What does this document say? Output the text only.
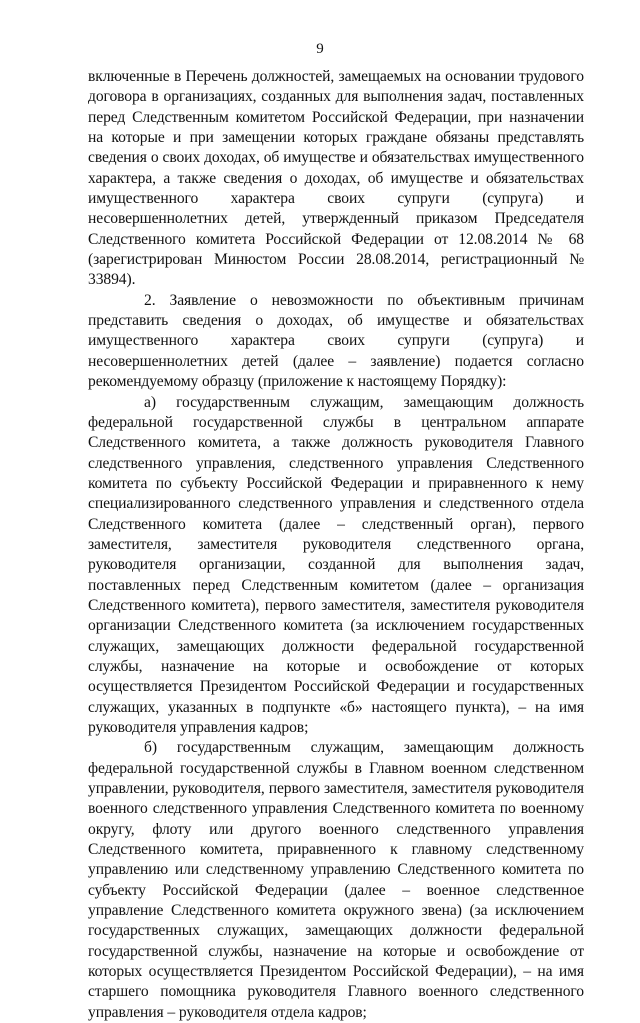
9

включенные в Перечень должностей, замещаемых на основании трудового договора в организациях, созданных для выполнения задач, поставленных перед Следственным комитетом Российской Федерации, при назначении на которые и при замещении которых граждане обязаны представлять сведения о своих доходах, об имуществе и обязательствах имущественного характера, а также сведения о доходах, об имуществе и обязательствах имущественного характера своих супруги (супруга) и несовершеннолетних детей, утвержденный приказом Председателя Следственного комитета Российской Федерации от 12.08.2014 № 68 (зарегистрирован Минюстом России 28.08.2014, регистрационный № 33894).

2. Заявление о невозможности по объективным причинам представить сведения о доходах, об имуществе и обязательствах имущественного характера своих супруги (супруга) и несовершеннолетних детей (далее – заявление) подается согласно рекомендуемому образцу (приложение к настоящему Порядку):

а) государственным служащим, замещающим должность федеральной государственной службы в центральном аппарате Следственного комитета, а также должность руководителя Главного следственного управления, следственного управления Следственного комитета по субъекту Российской Федерации и приравненного к нему специализированного следственного управления и следственного отдела Следственного комитета (далее – следственный орган), первого заместителя, заместителя руководителя следственного органа, руководителя организации, созданной для выполнения задач, поставленных перед Следственным комитетом (далее – организация Следственного комитета), первого заместителя, заместителя руководителя организации Следственного комитета (за исключением государственных служащих, замещающих должности федеральной государственной службы, назначение на которые и освобождение от которых осуществляется Президентом Российской Федерации и государственных служащих, указанных в подпункте «б» настоящего пункта), – на имя руководителя управления кадров;

б) государственным служащим, замещающим должность федеральной государственной службы в Главном военном следственном управлении, руководителя, первого заместителя, заместителя руководителя военного следственного управления Следственного комитета по военному округу, флоту или другого военного следственного управления Следственного комитета, приравненного к главному следственному управлению или следственному управлению Следственного комитета по субъекту Российской Федерации (далее – военное следственное управление Следственного комитета окружного звена) (за исключением государственных служащих, замещающих должности федеральной государственной службы, назначение на которые и освобождение от которых осуществляется Президентом Российской Федерации), – на имя старшего помощника руководителя Главного военного следственного управления – руководителя отдела кадров;
